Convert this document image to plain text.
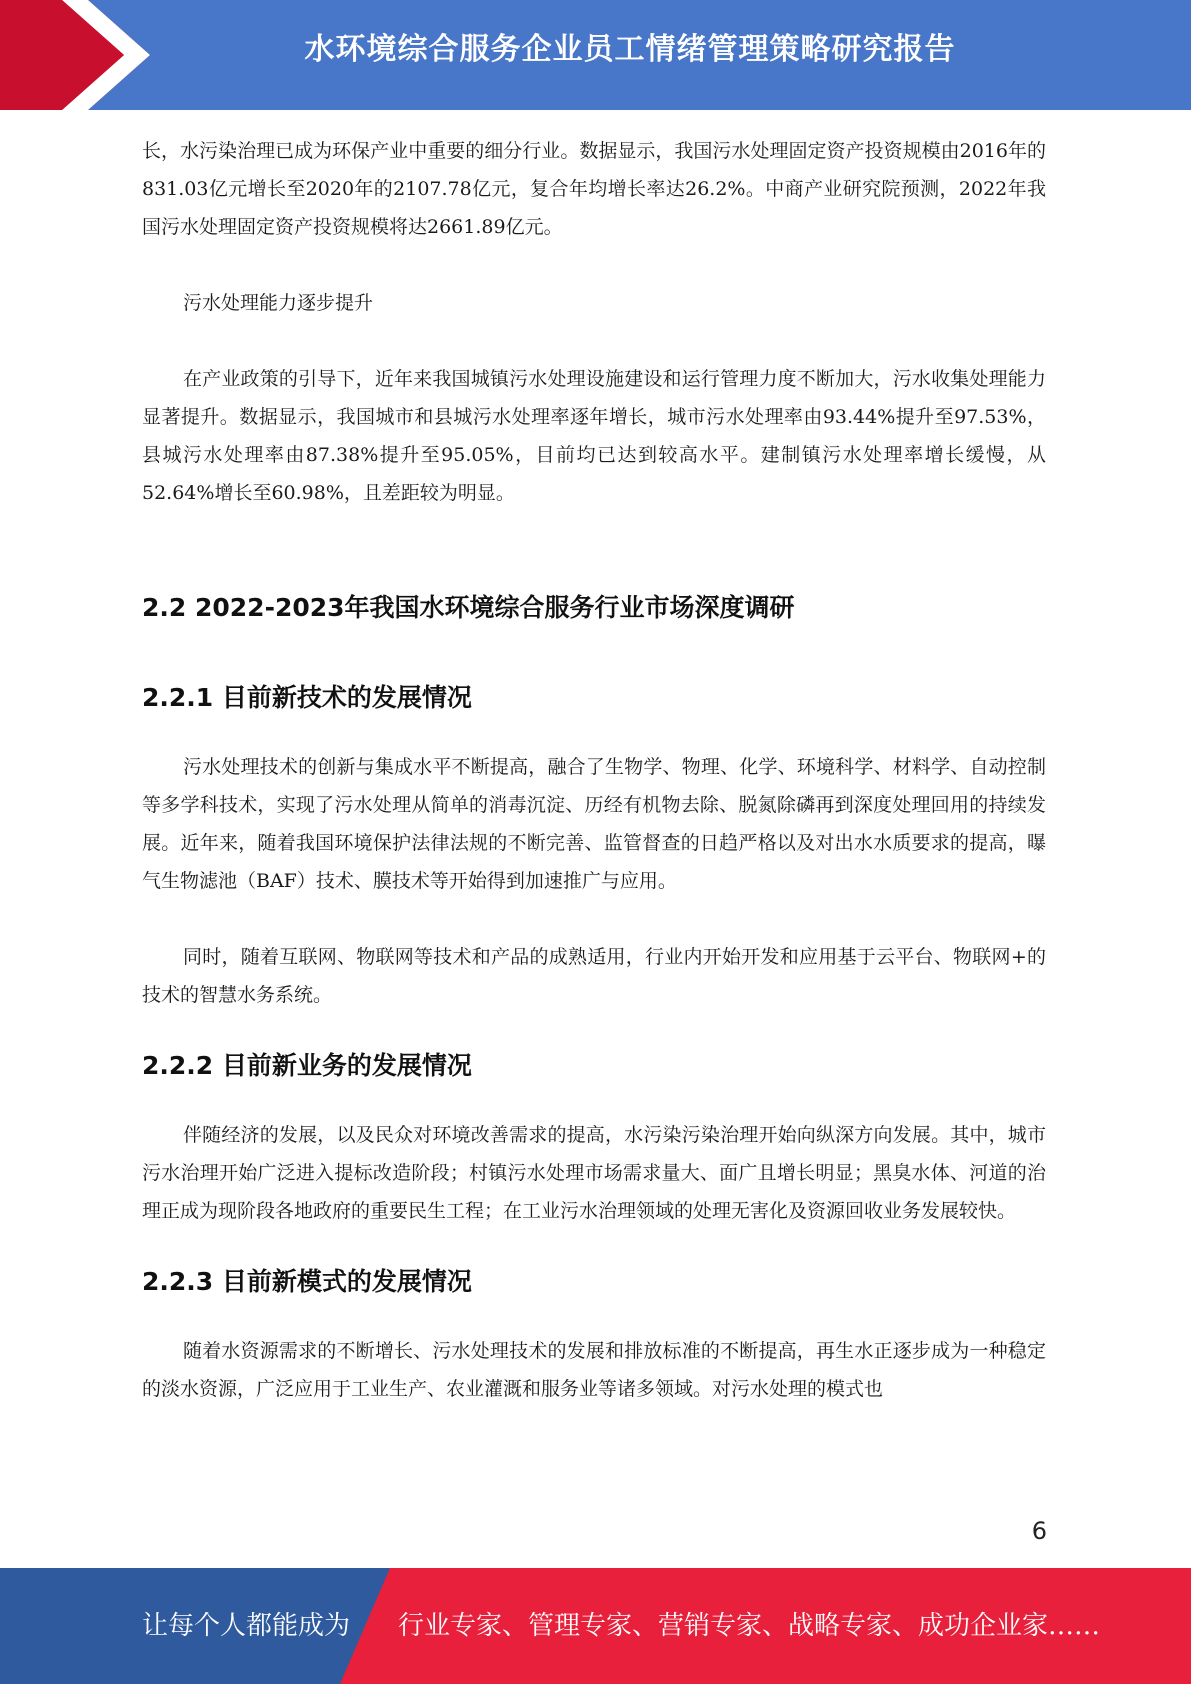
水环境综合服务企业员工情绪管理策略研究报告

长，水污染治理已成为环保产业中重要的细分行业。数据显示，我国污水处理固定资产投资规模由2016年的831.03亿元增长至2020年的2107.78亿元，复合年均增长率达26.2%。中商产业研究院预测，2022年我国污水处理固定资产投资规模将达2661.89亿元。

污水处理能力逐步提升

在产业政策的引导下，近年来我国城镇污水处理设施建设和运行管理力度不断加大，污水收集处理能力显著提升。数据显示，我国城市和县城污水处理率逐年增长，城市污水处理率由93.44%提升至97.53%，县城污水处理率由87.38%提升至95.05%，目前均已达到较高水平。建制镇污水处理率增长缓慢，从52.64%增长至60.98%，且差距较为明显。

2.2 2022-2023年我国水环境综合服务行业市场深度调研
2.2.1 目前新技术的发展情况

污水处理技术的创新与集成水平不断提高，融合了生物学、物理、化学、环境科学、材料学、自动控制等多学科技术，实现了污水处理从简单的消毒沉淀、历经有机物去除、脱氮除磷再到深度处理回用的持续发展。近年来，随着我国环境保护法律法规的不断完善、监管督查的日趋严格以及对出水水质要求的提高，曝气生物滤池（BAF）技术、膜技术等开始得到加速推广与应用。

同时，随着互联网、物联网等技术和产品的成熟适用，行业内开始开发和应用基于云平台、物联网+的技术的智慧水务系统。

2.2.2 目前新业务的发展情况

伴随经济的发展，以及民众对环境改善需求的提高，水污染污染治理开始向纵深方向发展。其中，城市污水治理开始广泛进入提标改造阶段；村镇污水处理市场需求量大、面广且增长明显；黑臭水体、河道的治理正成为现阶段各地政府的重要民生工程；在工业污水治理领域的处理无害化及资源回收业务发展较快。

2.2.3 目前新模式的发展情况

随着水资源需求的不断增长、污水处理技术的发展和排放标准的不断提高，再生水正逐步成为一种稳定的淡水资源，广泛应用于工业生产、农业灌溉和服务业等诸多领域。对污水处理的模式也

6
让每个人都能成为 行业专家、管理专家、营销专家、战略专家、成功企业家……
